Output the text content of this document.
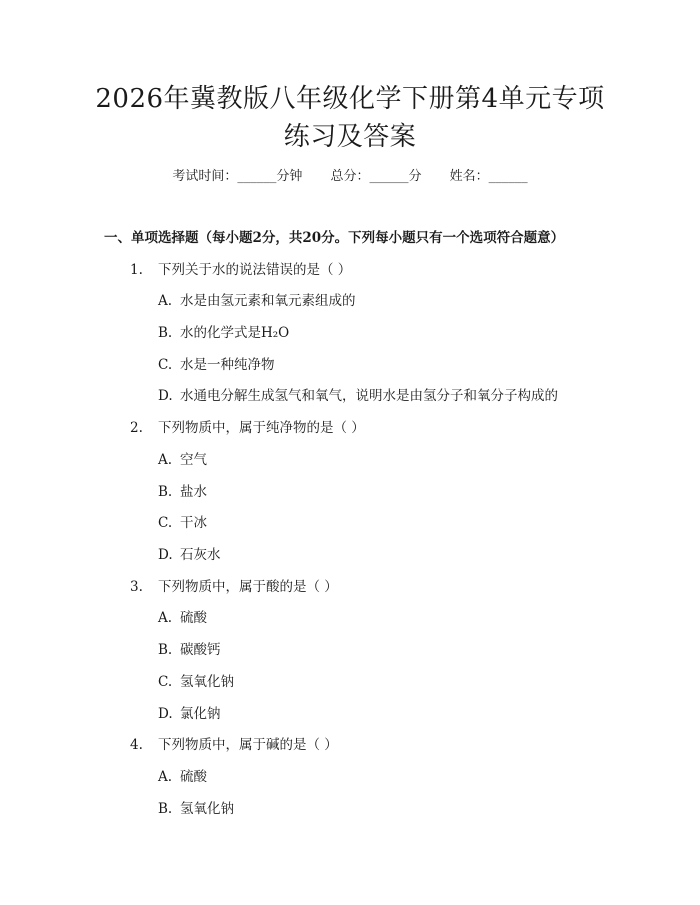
2026年冀教版八年级化学下册第4单元专项
练习及答案
考试时间：______分钟 总分：______分 姓名：______
一、单项选择题（每小题2分，共20分。下列每小题只有一个选项符合题意）
1. 下列关于水的说法错误的是（ ）
A. 水是由氢元素和氧元素组成的
B. 水的化学式是H₂O
C. 水是一种纯净物
D. 水通电分解生成氢气和氧气，说明水是由氢分子和氧分子构成的
2. 下列物质中，属于纯净物的是（ ）
A. 空气
B. 盐水
C. 干冰
D. 石灰水
3. 下列物质中，属于酸的是（ ）
A. 硫酸
B. 碳酸钙
C. 氢氧化钠
D. 氯化钠
4. 下列物质中，属于碱的是（ ）
A. 硫酸
B. 氢氧化钠
